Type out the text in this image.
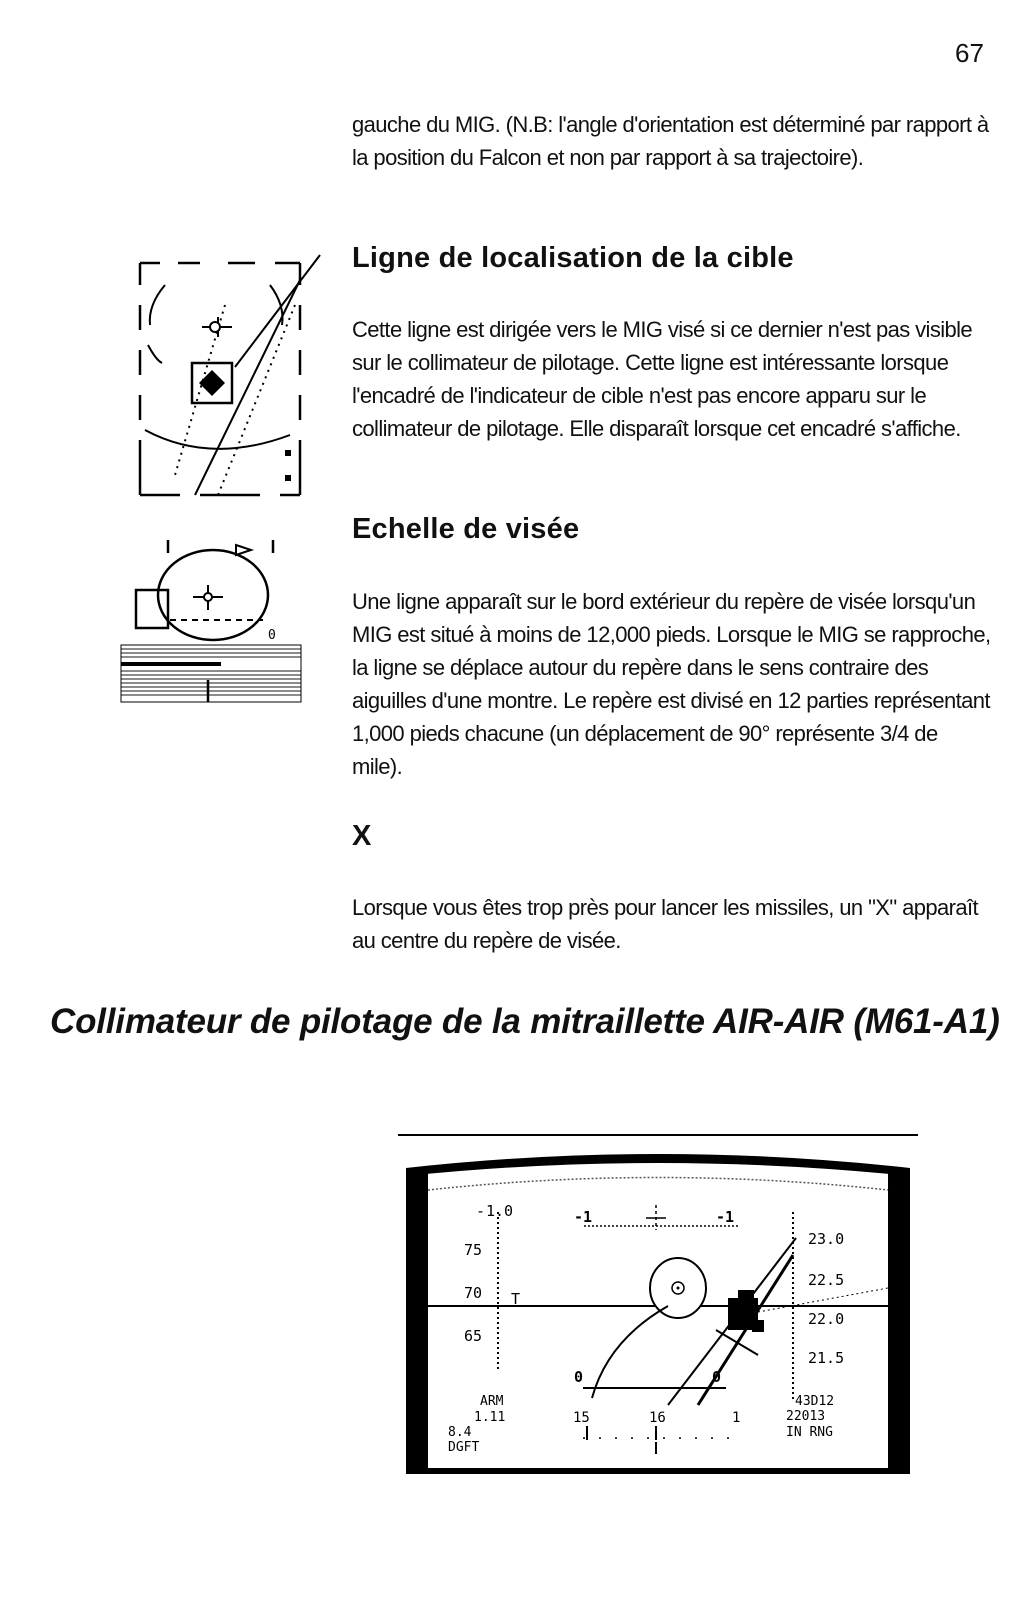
67
gauche du MIG. (N.B: l'angle d'orientation est déterminé par rapport à la position du Falcon et non par rapport à sa trajectoire).
Ligne de localisation de la cible
Cette ligne est dirigée vers le MIG visé si ce dernier n'est pas visible sur le collimateur de pilotage. Cette ligne est intéressante lorsque l'encadré de l'indicateur de cible n'est pas encore apparu sur le collimateur de pilotage. Elle disparaît lorsque cet encadré s'affiche.
Echelle de visée
Une ligne apparaît sur le bord extérieur du repère de visée lorsqu'un MIG est situé à moins de 12,000 pieds. Lorsque le MIG se rapproche, la ligne se déplace autour du repère dans le sens contraire des aiguilles d'une montre. Le repère est divisé en 12 parties représentant 1,000 pieds chacune (un déplacement de 90° représente 3/4 de mile).
X
Lorsque vous êtes trop près pour lancer les missiles, un "X" apparaît au centre du repère de visée.
Collimateur de pilotage de la mitraillette AIR-AIR (M61-A1)
0
- 1.0
75
70 T
65
-1	-1
23.0
22.5
22.0
21.5
0	0
ARM
1.11
8.4
DGFT
15	16	1
43D12
22013
IN RNG
